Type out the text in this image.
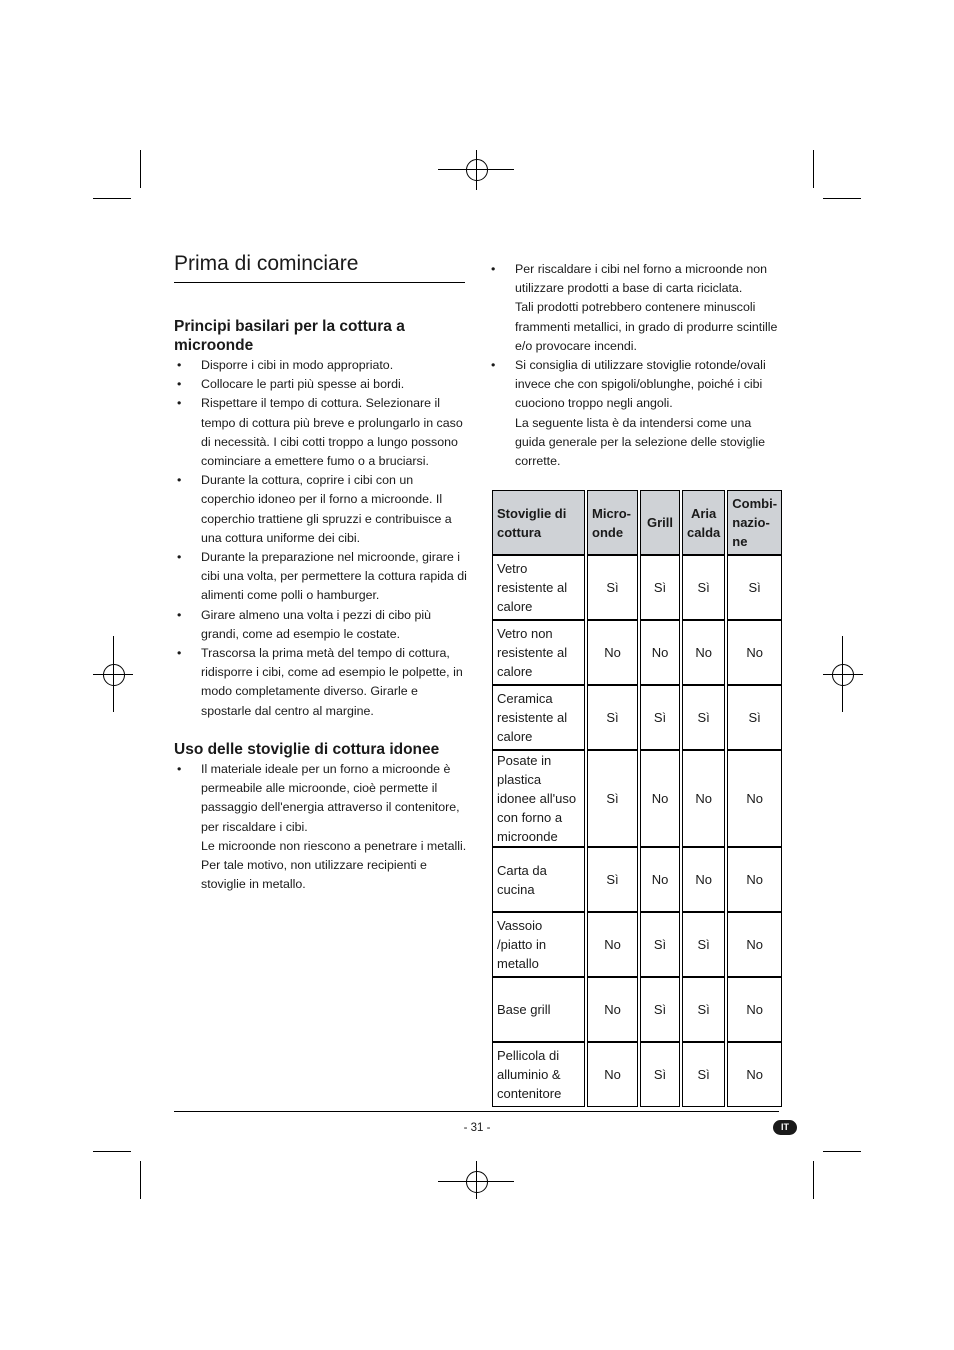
Prima di cominciare
Principi basilari per la cottura a microonde
• Disporre i cibi in modo appropriato.
• Collocare le parti più spesse ai bordi.
• Rispettare il tempo di cottura. Selezionare il tempo di cottura più breve e prolungarlo in caso di necessità. I cibi cotti troppo a lungo possono cominciare a emettere fumo o a bruciarsi.
• Durante la cottura, coprire i cibi con un coperchio idoneo per il forno a microonde. Il coperchio trattiene gli spruzzi e contribuisce a una cottura uniforme dei cibi.
• Durante la preparazione nel microonde, girare i cibi una volta, per permettere la cottura rapida di alimenti come polli o hamburger.
• Girare almeno una volta i pezzi di cibo più grandi, come ad esempio le costate.
• Trascorsa la prima metà del tempo di cottura, ridisporre i cibi, come ad esempio le polpette, in modo completamente diverso. Girarle e spostarle dal centro al margine.
Uso delle stoviglie di cottura idonee
• Il materiale ideale per un forno a microonde è permeabile alle microonde, cioè permette il passaggio dell'energia attraverso il contenitore, per riscaldare i cibi.
Le microonde non riescono a penetrare i metalli. Per tale motivo, non utilizzare recipienti e stoviglie in metallo.
• Per riscaldare i cibi nel forno a microonde non utilizzare prodotti a base di carta riciclata.
Tali prodotti potrebbero contenere minuscoli frammenti metallici, in grado di produrre scintille e/o provocare incendi.
• Si consiglia di utilizzare stoviglie rotonde/ovali invece che con spigoli/oblunghe, poiché i cibi cuociono troppo negli angoli.
La seguente lista è da intendersi come una guida generale per la selezione delle stoviglie corrette.
Stoviglie di cottura	Micro-onde	Grill	Aria calda	Combi-nazio-ne
Vetro resistente al calore	Sì	Sì	Sì	Sì
Vetro non resistente al calore	No	No	No	No
Ceramica resistente al calore	Sì	Sì	Sì	Sì
Posate in plastica idonee all'uso con forno a microonde	Sì	No	No	No
Carta da cucina	Sì	No	No	No
Vassoio /piatto in metallo	No	Sì	Sì	No
Base grill	No	Sì	Sì	No
Pellicola di alluminio & contenitore	No	Sì	Sì	No
- 31 -	IT
